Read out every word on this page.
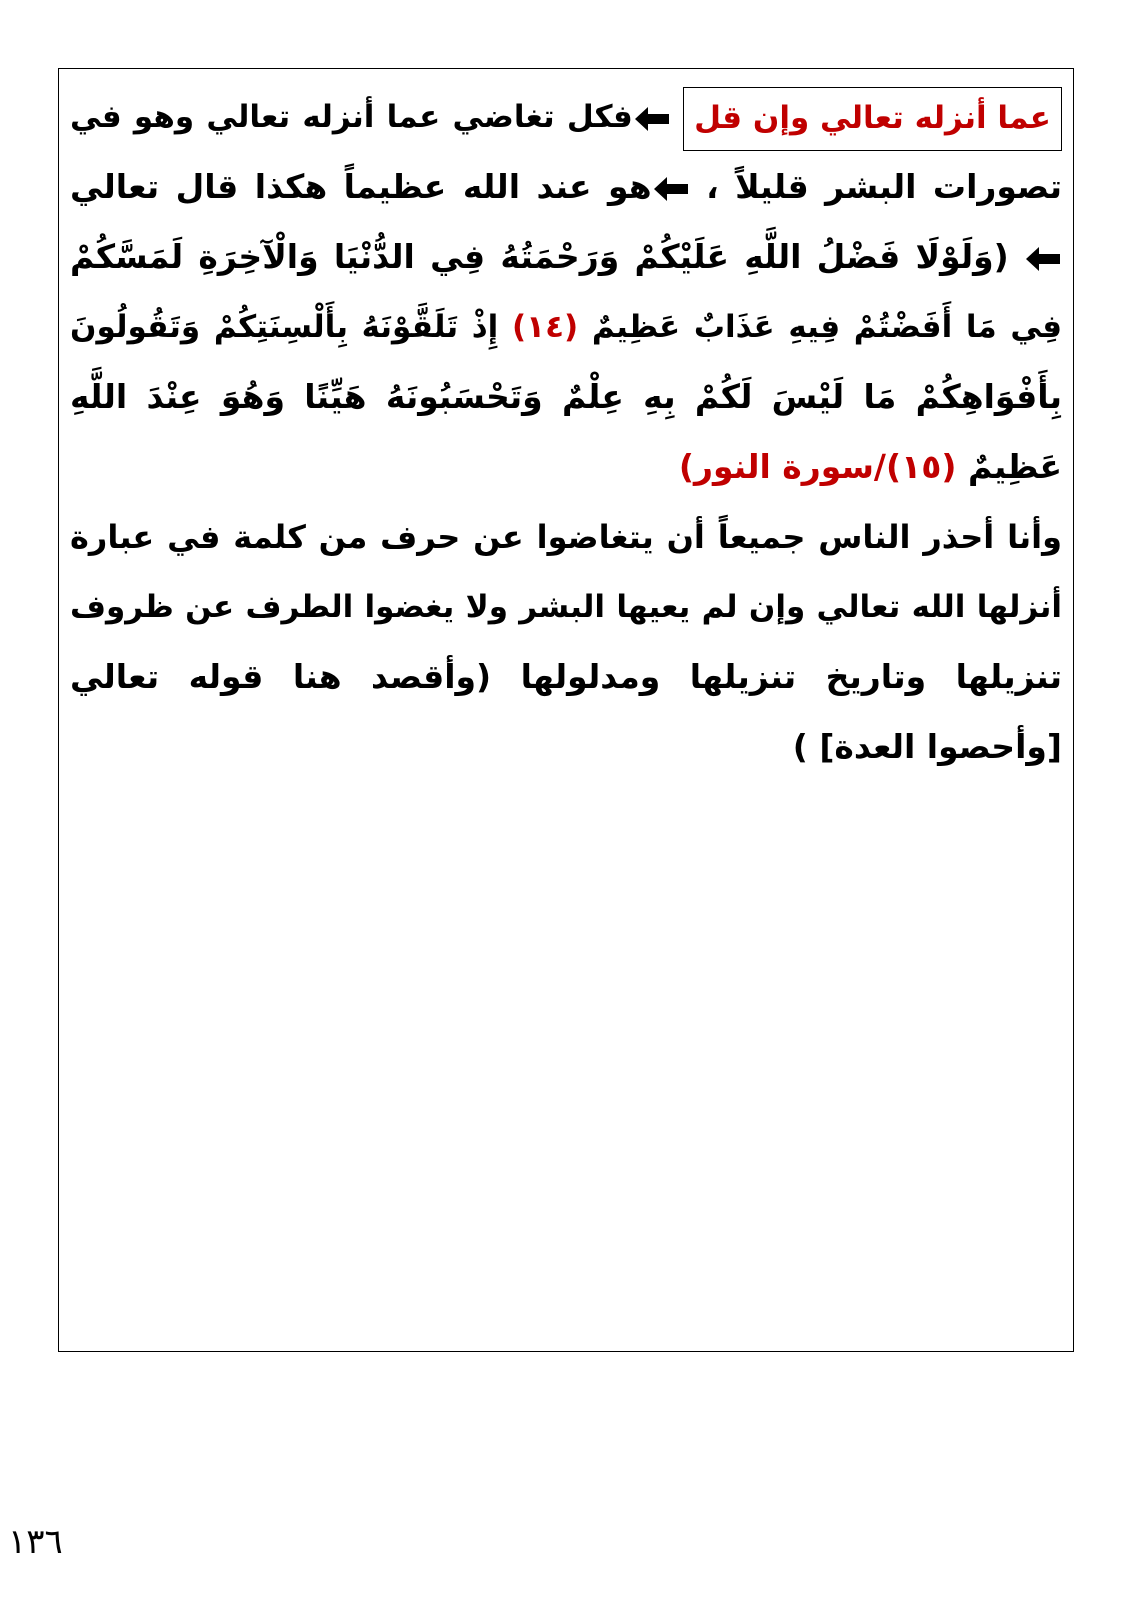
عما أنزله تعالي وإن قل فكل تغاضي عما أنزله تعالي وهو في
تصورات البشر قليلاً ، هو عند الله عظيماً هكذا قال تعالي
(وَلَوْلَا فَضْلُ اللَّهِ عَلَيْكُمْ وَرَحْمَتُهُ فِي الدُّنْيَا وَالْآخِرَةِ لَمَسَّكُمْ
فِي مَا أَفَضْتُمْ فِيهِ عَذَابٌ عَظِيمٌ (١٤) إِذْ تَلَقَّوْنَهُ بِأَلْسِنَتِكُمْ وَتَقُولُونَ
بِأَفْوَاهِكُمْ مَا لَيْسَ لَكُمْ بِهِ عِلْمٌ وَتَحْسَبُونَهُ هَيِّنًا وَهُوَ عِنْدَ اللَّهِ
عَظِيمٌ (١٥)/سورة النور)
وأنا أحذر الناس جميعاً أن يتغاضوا عن حرف من كلمة في عبارة
أنزلها الله تعالي وإن لم يعيها البشر ولا يغضوا الطرف عن ظروف
تنزيلها وتاريخ تنزيلها ومدلولها (وأقصد هنا قوله تعالي
[وأحصوا العدة] )
١٣٦
